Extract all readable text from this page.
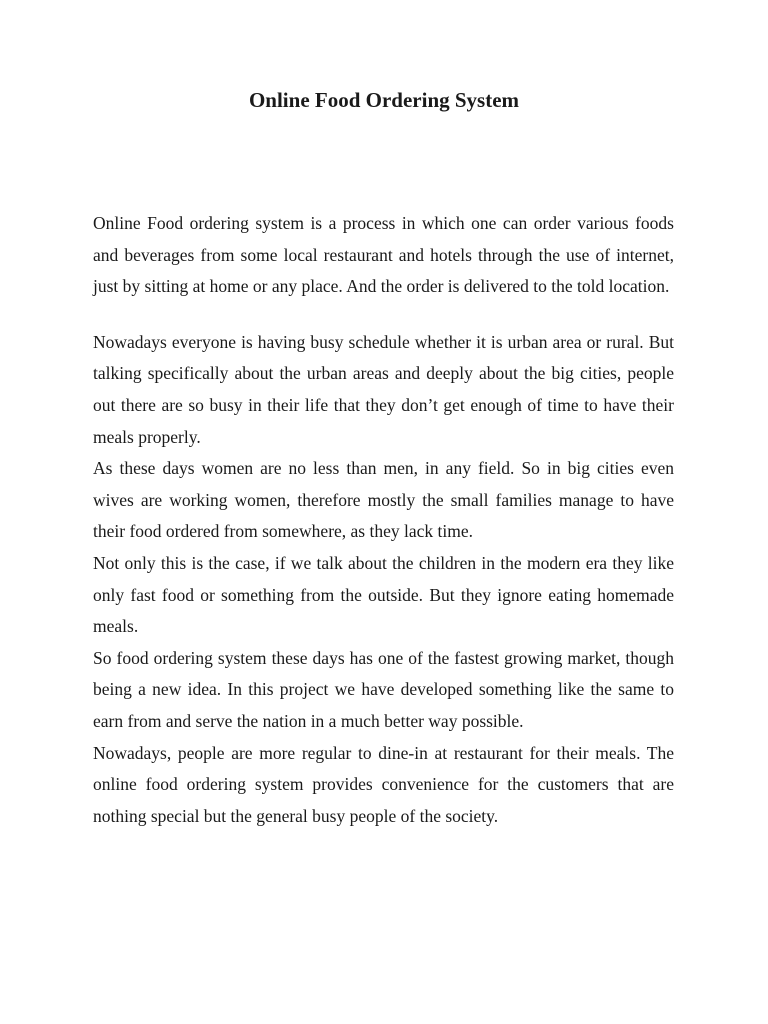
Online Food Ordering System

Online Food ordering system is a process in which one can order various foods and beverages from some local restaurant and hotels through the use of internet, just by sitting at home or any place. And the order is delivered to the told location.

Nowadays everyone is having busy schedule whether it is urban area or rural. But talking specifically about the urban areas and deeply about the big cities, people out there are so busy in their life that they don’t get enough of time to have their meals properly.

As these days women are no less than men, in any field. So in big cities even wives are working women, therefore mostly the small families manage to have their food ordered from somewhere, as they lack time.

Not only this is the case, if we talk about the children in the modern era they like only fast food or something from the outside. But they ignore eating homemade meals.

So food ordering system these days has one of the fastest growing market, though being a new idea. In this project we have developed something like the same to earn from and serve the nation in a much better way possible.

Nowadays, people are more regular to dine-in at restaurant for their meals. The online food ordering system provides convenience for the customers that are nothing special but the general busy people of the society.
